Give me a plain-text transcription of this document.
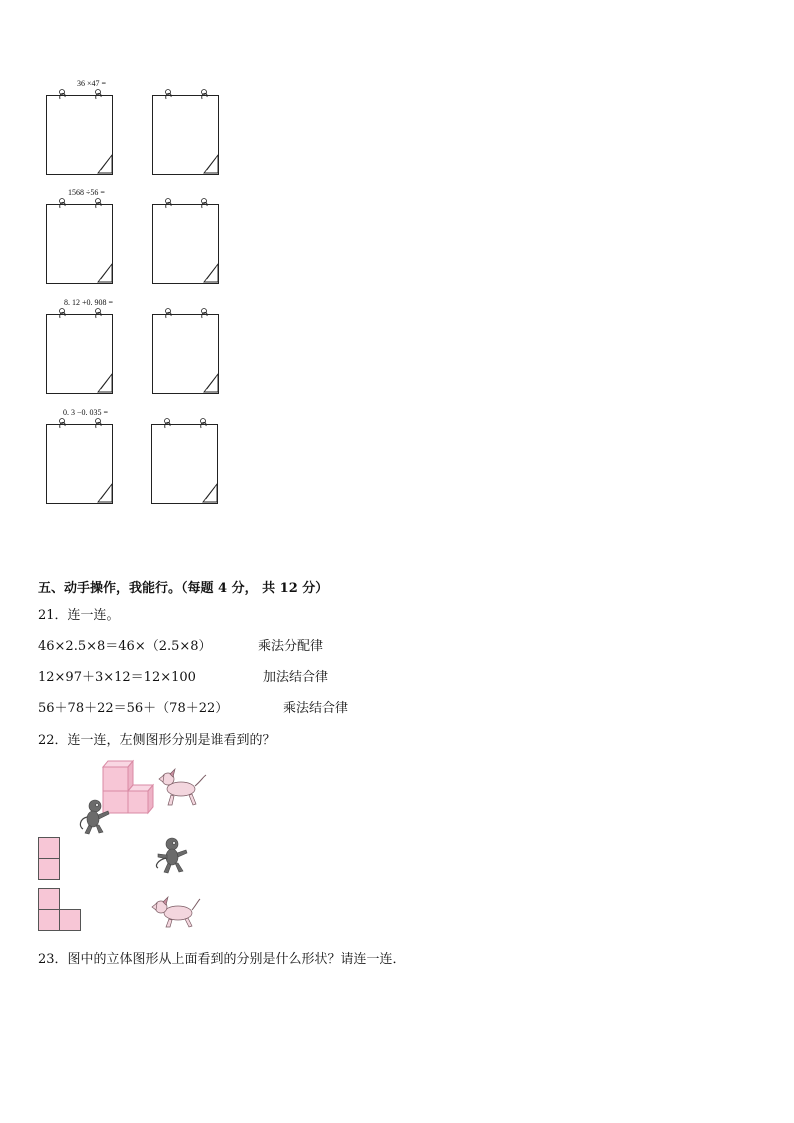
36 ×47 =
1568 ÷56 =
8. 12 +0. 908 =
0. 3 −0. 035 =
五、动手操作，我能行。（每题 4 分， 共 12 分）
21．连一连。
46×2.5×8＝46×（2.5×8）	乘法分配律
12×97＋3×12＝12×100	加法结合律
56＋78＋22＝56＋（78＋22）	乘法结合律
22．连一连，左侧图形分别是谁看到的？
23．图中的立体图形从上面看到的分别是什么形状？请连一连．
